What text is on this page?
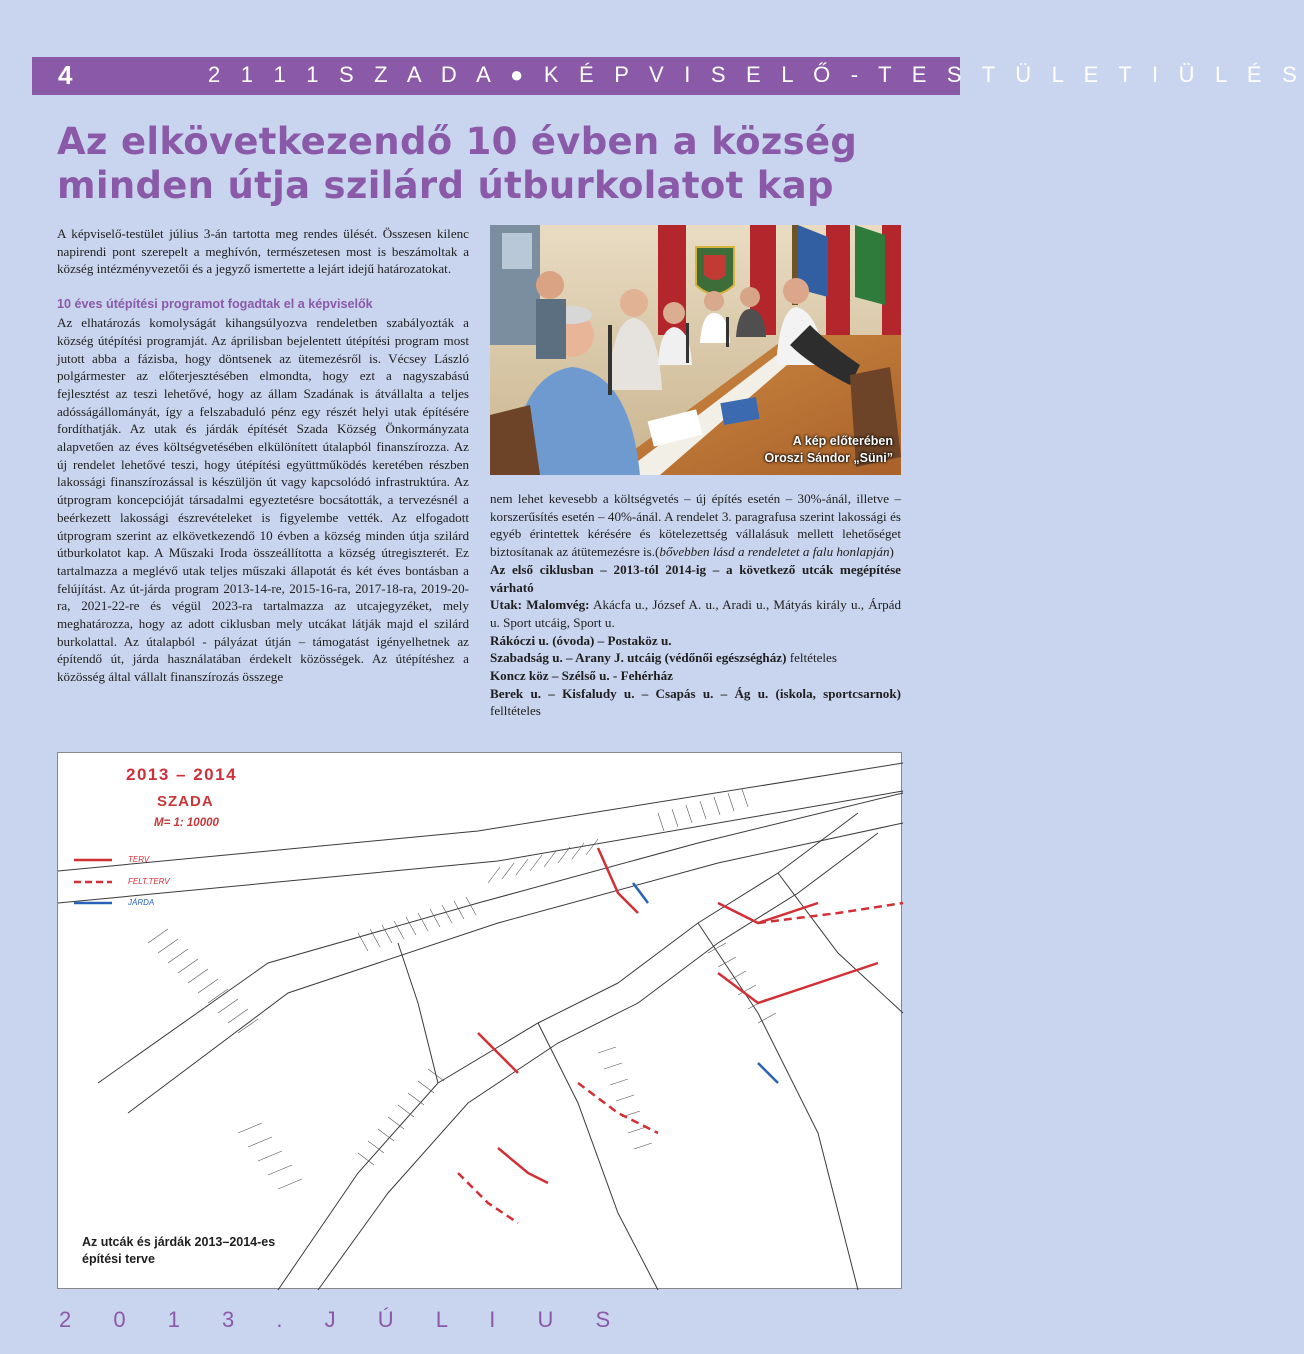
4	2 1 1 1 S Z A D A ● K É P V I S E L Ő - T E S T Ü L E T I Ü L É S
Az elkövetkezendő 10 évben a község
minden útja szilárd útburkolatot kap

A képviselő-testület július 3-án tartotta meg rendes ülését. Összesen kilenc napirendi pont szerepelt a meghívón, természetesen most is beszámoltak a község intézményvezetői és a jegyző ismertette a lejárt idejű határozatokat.

10 éves útépítési programot fogadtak el a képviselők

Az elhatározás komolyságát kihangsúlyozva rendeletben szabályozták a község útépítési programját. Az áprilisban bejelentett útépítési program most jutott abba a fázisba, hogy döntsenek az ütemezésről is. Vécsey László polgármester az előterjesztésében elmondta, hogy ezt a nagyszabású fejlesztést az teszi lehetővé, hogy az állam Szadának is átvállalta a teljes adósságállományát, így a felszabaduló pénz egy részét helyi utak építésére fordíthatják. Az utak és járdák építését Szada Község Önkormányzata alapvetően az éves költségvetésében elkülönített útalapból finanszírozza. Az új rendelet lehetővé teszi, hogy útépítési együttműködés keretében részben lakossági finanszírozással is készüljön út vagy kapcsolódó infrastruktúra. Az útprogram koncepcióját társadalmi egyeztetésre bocsátották, a tervezésnél a beérkezett lakossági észrevételeket is figyelembe vették. Az elfogadott útprogram szerint az elkövetkezendő 10 évben a község minden útja szilárd útburkolatot kap. A Műszaki Iroda összeállította a község útregiszterét. Ez tartalmazza a meglévő utak teljes műszaki állapotát és két éves bontásban a felújítást. Az út-járda program 2013-14-re, 2015-16-ra, 2017-18-ra, 2019-20-ra, 2021-22-re és végül 2023-ra tartalmazza az utcajegyzéket, mely meghatározza, hogy az adott ciklusban mely utcákat látják majd el szilárd burkolattal. Az útalapból - pályázat útján – támogatást igényelhetnek az építendő út, járda használatában érdekelt közösségek. Az útépítéshez a közösség által vállalt finanszírozás összege

A kép előterében
Oroszi Sándor „Süni”

nem lehet kevesebb a költségvetés – új építés esetén – 30%-ánál, illetve – korszerűsítés esetén – 40%-ánál. A rendelet 3. paragrafusa szerint lakossági és egyéb érintettek kérésére és kötelezettség vállalásuk mellett lehetőséget biztosítanak az átütemezésre is.(bővebben lásd a rendeletet a falu honlapján)

Az első ciklusban – 2013-tól 2014-ig – a következő utcák megépítése várható

Utak: Malomvég: Akácfa u., József A. u., Aradi u., Mátyás király u., Árpád u. Sport utcáig, Sport u.

Rákóczi u. (óvoda) – Postaköz u.

Szabadság u. – Arany J. utcáig (védőnői egészségház) feltételes

Koncz köz – Szélső u. - Fehérház

Berek u. – Kisfaludy u. – Csapás u. – Ág u. (iskola, sportcsarnok) felltételes

2013 – 2014
SZADA
M= 1: 10000
TERV
FELT.TERV
JÁRDA
Az utcák és járdák 2013–2014-es
építési terve
2 0 1 3 . J Ú L I U S
